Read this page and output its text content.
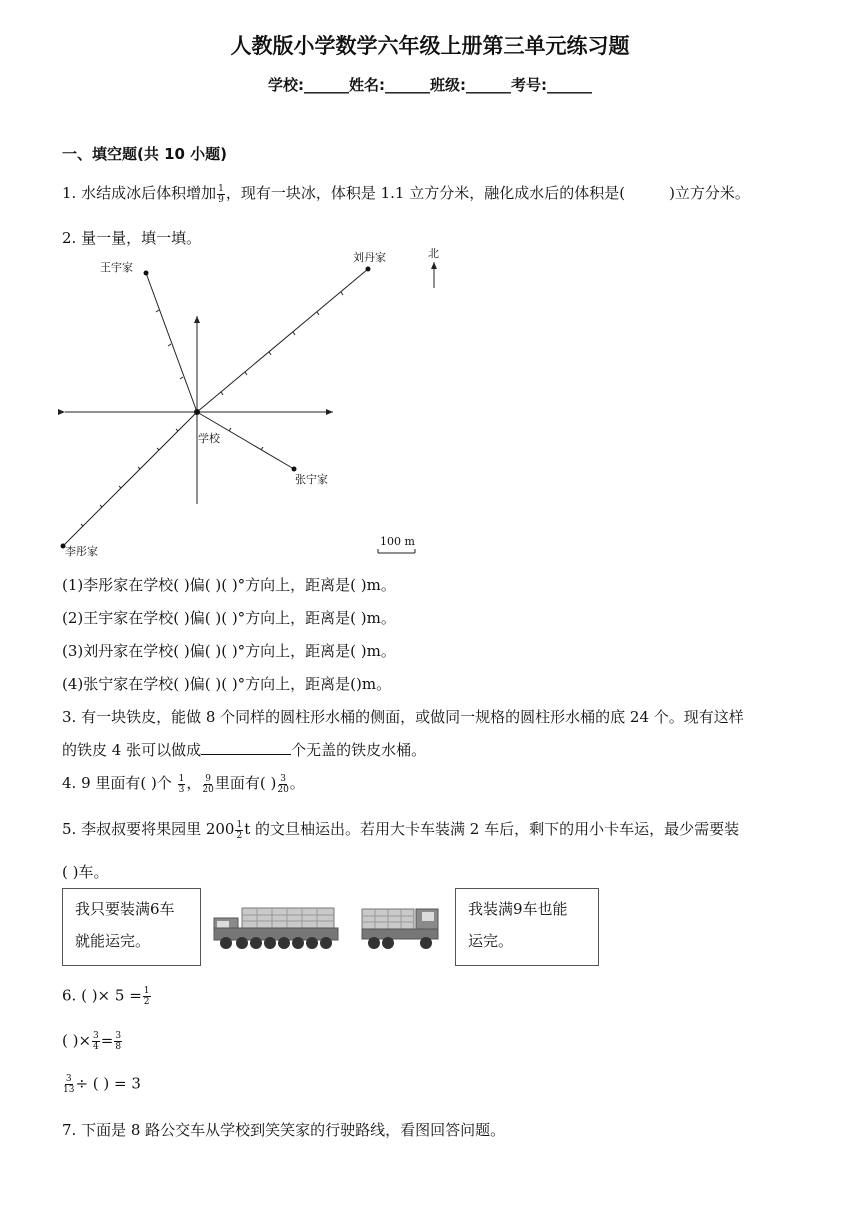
人教版小学数学六年级上册第三单元练习题
学校:______姓名:______班级:______考号:______
一、填空题(共 10 小题)
1. 水结成冰后体积增加 $\frac{1}{9}$ ，现有一块冰，体积是 1.1 立方分米，融化成水后的体积是(	)立方分米。
2. 量一量，填一填。
王宇家
刘丹家
学校
张宁家
李彤家
北
100 m
(1)李彤家在学校( )偏( )( )°方向上，距离是( )m。
(2)王宇家在学校( )偏( )( )°方向上，距离是( )m。
(3)刘丹家在学校( )偏( )( )°方向上，距离是( )m。
(4)张宁家在学校( )偏( )( )°方向上，距离是()m。
3. 有一块铁皮，能做 8 个同样的圆柱形水桶的侧面，或做同一规格的圆柱形水桶的底 24 个。现有这样
的铁皮 4 张可以做成	个无盖的铁皮水桶。
4. 9 里面有( )个 $\frac{1}{3}$ ， $\frac{9}{20}$ 里面有( ) $\frac{3}{20}$ 。
5. 李叔叔要将果园里 $200 \frac{1}{2}$ t 的文旦柚运出。若用大卡车装满 2 车后，剩下的用小卡车运，最少需要装
( )车。
我只要装满6车
就能运完。
我装满9车也能
运完。
6. ( )× $5 = \frac{1}{2}$
( )× $\frac{3}{4} = \frac{3}{8}$
$\frac{3}{13}$ ÷ ( ) = 3
7. 下面是 8 路公交车从学校到笑笑家的行驶路线，看图回答问题。
